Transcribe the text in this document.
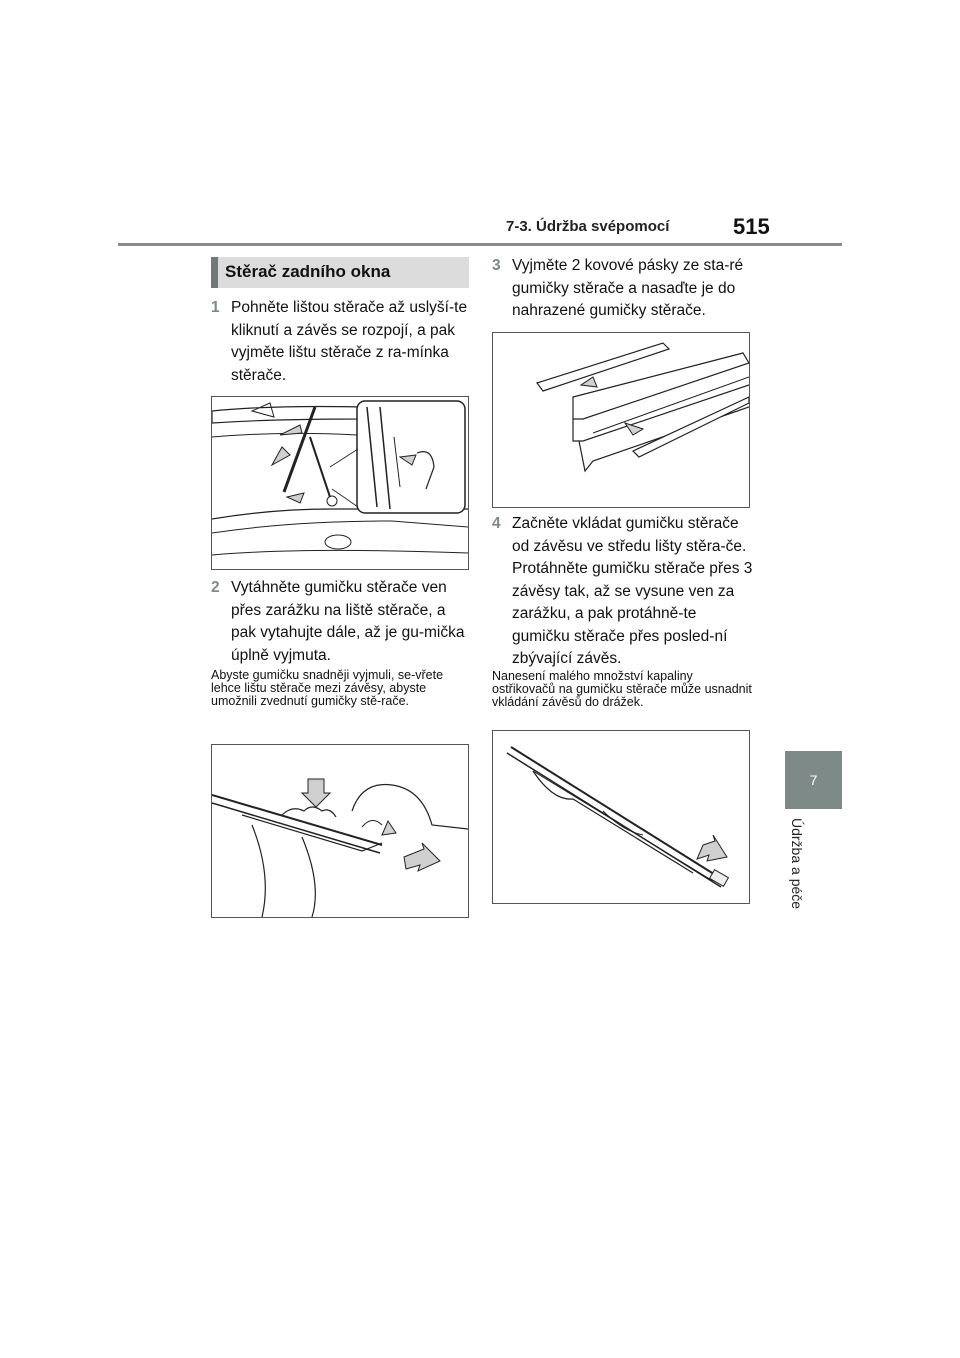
7-3. Údržba svépomocí	515
7
Údržba a péče
Stěrač zadního okna
1 Pohněte lištou stěrače až uslyší-te kliknutí a závěs se rozpojí, a pak vyjměte lištu stěrače z ra-mínka stěrače.
2 Vytáhněte gumičku stěrače ven přes zarážku na liště stěrače, a pak vytahujte dále, až je gu-mička úplně vyjmuta.
Abyste gumičku snadněji vyjmuli, se-vřete lehce lištu stěrače mezi závěsy, abyste umožnili zvednutí gumičky stě-rače.
3 Vyjměte 2 kovové pásky ze sta-ré gumičky stěrače a nasaďte je do nahrazené gumičky stěrače.
4 Začněte vkládat gumičku stěrače od závěsu ve středu lišty stěra-če. Protáhněte gumičku stěrače přes 3 závěsy tak, až se vysune ven za zarážku, a pak protáhně-te gumičku stěrače přes posled-ní zbývající závěs.
Nanesení malého množství kapaliny ostřikovačů na gumičku stěrače může usnadnit vkládání závěsů do drážek.
